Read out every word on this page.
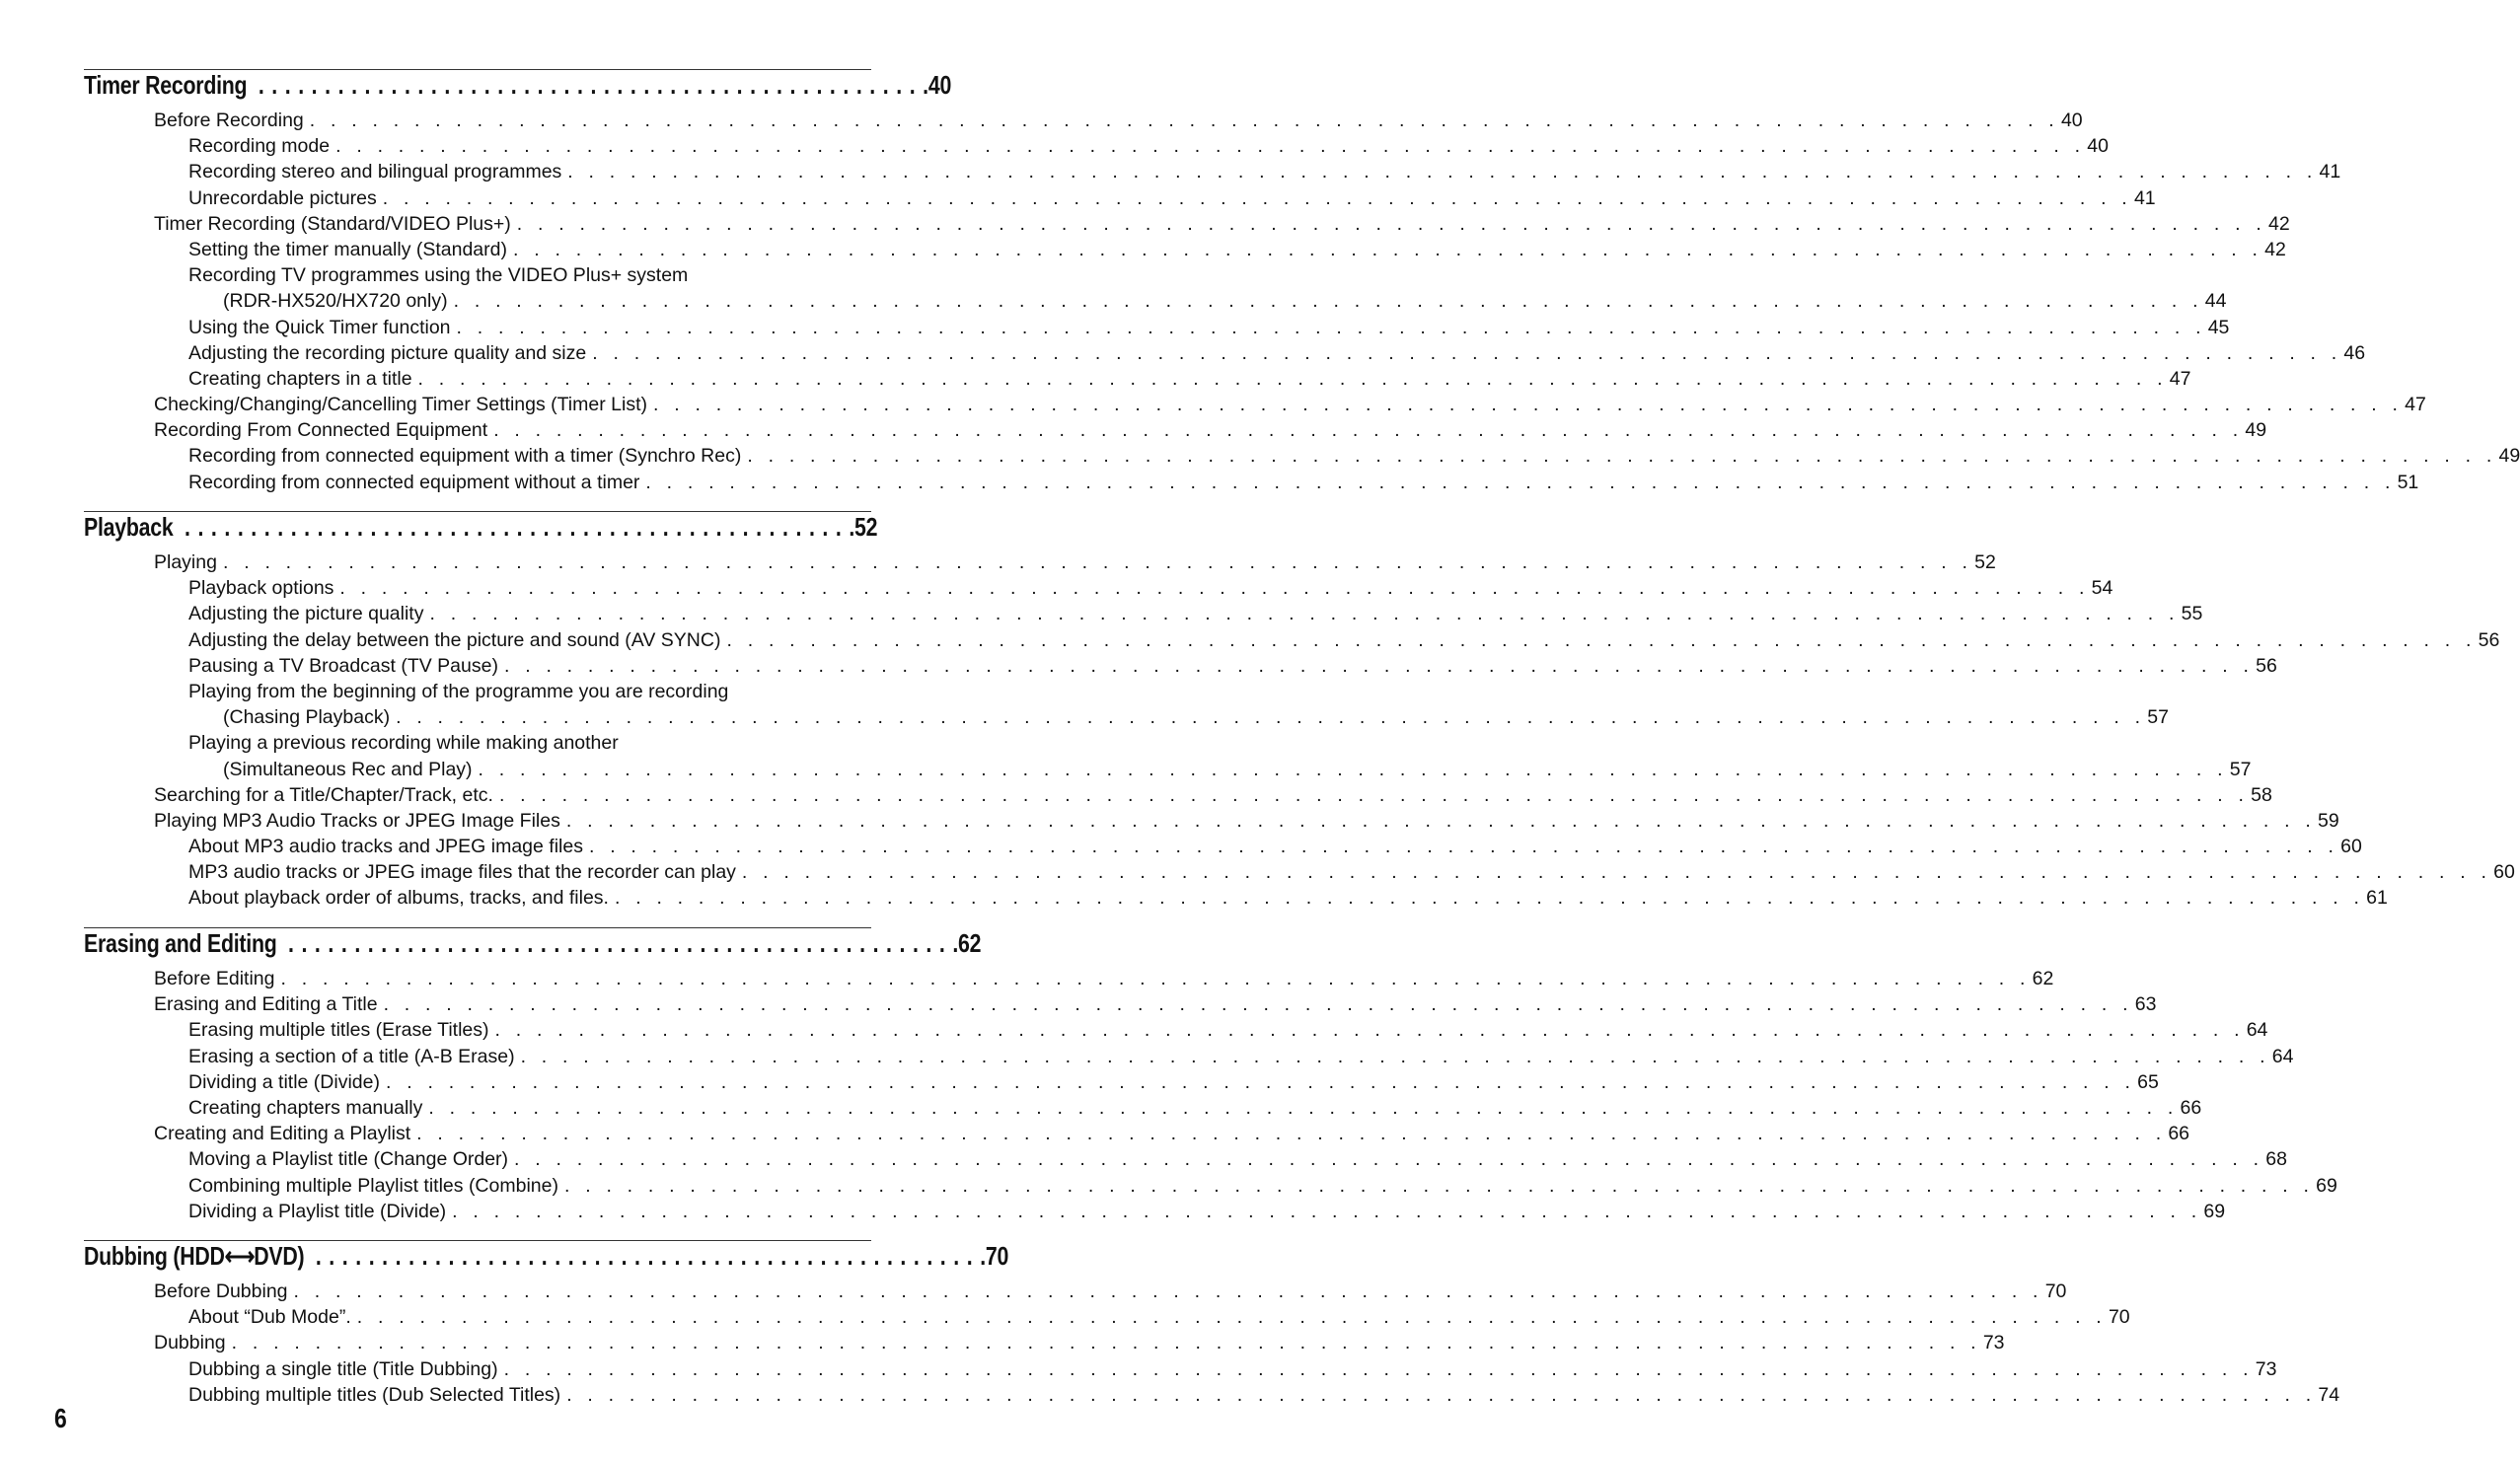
Timer Recording .................................................. .40
Before Recording . . . . . . . . . . . . . . . . . . . . . . . . . . . . . . . . . . . . . . . . . . . . . . . . . . . . . . . . . . . . . . . . . . . . . . . . . . . . . . . . . . . . 40
Recording mode . . . . . . . . . . . . . . . . . . . . . . . . . . . . . . . . . . . . . . . . . . . . . . . . . . . . . . . . . . . . . . . . . . . . . . . . . . . . . . . . . . . . 40
Recording stereo and bilingual programmes . . . . . . . . . . . . . . . . . . . . . . . . . . . . . . . . . . . . . . . . . . . . . . . . . . . . . . . . . . . . . . . . . . . . . . . . . . . . . . . . . . . . 41
Unrecordable pictures . . . . . . . . . . . . . . . . . . . . . . . . . . . . . . . . . . . . . . . . . . . . . . . . . . . . . . . . . . . . . . . . . . . . . . . . . . . . . . . . . . . . 41
Timer Recording (Standard/VIDEO Plus+) . . . . . . . . . . . . . . . . . . . . . . . . . . . . . . . . . . . . . . . . . . . . . . . . . . . . . . . . . . . . . . . . . . . . . . . . . . . . . . . . . . . . 42
Setting the timer manually (Standard) . . . . . . . . . . . . . . . . . . . . . . . . . . . . . . . . . . . . . . . . . . . . . . . . . . . . . . . . . . . . . . . . . . . . . . . . . . . . . . . . . . . . 42
Recording TV programmes using the VIDEO Plus+ system
(RDR-HX520/HX720 only) . . . . . . . . . . . . . . . . . . . . . . . . . . . . . . . . . . . . . . . . . . . . . . . . . . . . . . . . . . . . . . . . . . . . . . . . . . . . . . . . . . . . 44
Using the Quick Timer function . . . . . . . . . . . . . . . . . . . . . . . . . . . . . . . . . . . . . . . . . . . . . . . . . . . . . . . . . . . . . . . . . . . . . . . . . . . . . . . . . . . . 45
Adjusting the recording picture quality and size . . . . . . . . . . . . . . . . . . . . . . . . . . . . . . . . . . . . . . . . . . . . . . . . . . . . . . . . . . . . . . . . . . . . . . . . . . . . . . . . . . . . 46
Creating chapters in a title . . . . . . . . . . . . . . . . . . . . . . . . . . . . . . . . . . . . . . . . . . . . . . . . . . . . . . . . . . . . . . . . . . . . . . . . . . . . . . . . . . . . 47
Checking/Changing/Cancelling Timer Settings (Timer List) . . . . . . . . . . . . . . . . . . . . . . . . . . . . . . . . . . . . . . . . . . . . . . . . . . . . . . . . . . . . . . . . . . . . . . . . . . . . . . . . . . . . 47
Recording From Connected Equipment . . . . . . . . . . . . . . . . . . . . . . . . . . . . . . . . . . . . . . . . . . . . . . . . . . . . . . . . . . . . . . . . . . . . . . . . . . . . . . . . . . . . 49
Recording from connected equipment with a timer (Synchro Rec) . . . . . . . . . . . . . . . . . . . . . . . . . . . . . . . . . . . . . . . . . . . . . . . . . . . . . . . . . . . . . . . . . . . . . . . . . . . . . . . . . . . . 49
Recording from connected equipment without a timer . . . . . . . . . . . . . . . . . . . . . . . . . . . . . . . . . . . . . . . . . . . . . . . . . . . . . . . . . . . . . . . . . . . . . . . . . . . . . . . . . . . . 51
Playback .................................................. .52
Playing . . . . . . . . . . . . . . . . . . . . . . . . . . . . . . . . . . . . . . . . . . . . . . . . . . . . . . . . . . . . . . . . . . . . . . . . . . . . . . . . . . . . 52
Playback options . . . . . . . . . . . . . . . . . . . . . . . . . . . . . . . . . . . . . . . . . . . . . . . . . . . . . . . . . . . . . . . . . . . . . . . . . . . . . . . . . . . . 54
Adjusting the picture quality . . . . . . . . . . . . . . . . . . . . . . . . . . . . . . . . . . . . . . . . . . . . . . . . . . . . . . . . . . . . . . . . . . . . . . . . . . . . . . . . . . . . 55
Adjusting the delay between the picture and sound (AV SYNC) . . . . . . . . . . . . . . . . . . . . . . . . . . . . . . . . . . . . . . . . . . . . . . . . . . . . . . . . . . . . . . . . . . . . . . . . . . . . . . . . . . . . 56
Pausing a TV Broadcast (TV Pause) . . . . . . . . . . . . . . . . . . . . . . . . . . . . . . . . . . . . . . . . . . . . . . . . . . . . . . . . . . . . . . . . . . . . . . . . . . . . . . . . . . . . 56
Playing from the beginning of the programme you are recording
(Chasing Playback) . . . . . . . . . . . . . . . . . . . . . . . . . . . . . . . . . . . . . . . . . . . . . . . . . . . . . . . . . . . . . . . . . . . . . . . . . . . . . . . . . . . . 57
Playing a previous recording while making another
(Simultaneous Rec and Play) . . . . . . . . . . . . . . . . . . . . . . . . . . . . . . . . . . . . . . . . . . . . . . . . . . . . . . . . . . . . . . . . . . . . . . . . . . . . . . . . . . . . 57
Searching for a Title/Chapter/Track, etc. . . . . . . . . . . . . . . . . . . . . . . . . . . . . . . . . . . . . . . . . . . . . . . . . . . . . . . . . . . . . . . . . . . . . . . . . . . . . . . . . . . . . 58
Playing MP3 Audio Tracks or JPEG Image Files . . . . . . . . . . . . . . . . . . . . . . . . . . . . . . . . . . . . . . . . . . . . . . . . . . . . . . . . . . . . . . . . . . . . . . . . . . . . . . . . . . . . 59
About MP3 audio tracks and JPEG image files . . . . . . . . . . . . . . . . . . . . . . . . . . . . . . . . . . . . . . . . . . . . . . . . . . . . . . . . . . . . . . . . . . . . . . . . . . . . . . . . . . . . 60
MP3 audio tracks or JPEG image files that the recorder can play . . . . . . . . . . . . . . . . . . . . . . . . . . . . . . . . . . . . . . . . . . . . . . . . . . . . . . . . . . . . . . . . . . . . . . . . . . . . . . . . . . . . 60
About playback order of albums, tracks, and files. . . . . . . . . . . . . . . . . . . . . . . . . . . . . . . . . . . . . . . . . . . . . . . . . . . . . . . . . . . . . . . . . . . . . . . . . . . . . . . . . . . . . 61
Erasing and Editing .................................................. .62
Before Editing . . . . . . . . . . . . . . . . . . . . . . . . . . . . . . . . . . . . . . . . . . . . . . . . . . . . . . . . . . . . . . . . . . . . . . . . . . . . . . . . . . . . 62
Erasing and Editing a Title . . . . . . . . . . . . . . . . . . . . . . . . . . . . . . . . . . . . . . . . . . . . . . . . . . . . . . . . . . . . . . . . . . . . . . . . . . . . . . . . . . . . 63
Erasing multiple titles (Erase Titles) . . . . . . . . . . . . . . . . . . . . . . . . . . . . . . . . . . . . . . . . . . . . . . . . . . . . . . . . . . . . . . . . . . . . . . . . . . . . . . . . . . . . 64
Erasing a section of a title (A-B Erase) . . . . . . . . . . . . . . . . . . . . . . . . . . . . . . . . . . . . . . . . . . . . . . . . . . . . . . . . . . . . . . . . . . . . . . . . . . . . . . . . . . . . 64
Dividing a title (Divide) . . . . . . . . . . . . . . . . . . . . . . . . . . . . . . . . . . . . . . . . . . . . . . . . . . . . . . . . . . . . . . . . . . . . . . . . . . . . . . . . . . . . 65
Creating chapters manually . . . . . . . . . . . . . . . . . . . . . . . . . . . . . . . . . . . . . . . . . . . . . . . . . . . . . . . . . . . . . . . . . . . . . . . . . . . . . . . . . . . . 66
Creating and Editing a Playlist . . . . . . . . . . . . . . . . . . . . . . . . . . . . . . . . . . . . . . . . . . . . . . . . . . . . . . . . . . . . . . . . . . . . . . . . . . . . . . . . . . . . 66
Moving a Playlist title (Change Order) . . . . . . . . . . . . . . . . . . . . . . . . . . . . . . . . . . . . . . . . . . . . . . . . . . . . . . . . . . . . . . . . . . . . . . . . . . . . . . . . . . . . 68
Combining multiple Playlist titles (Combine) . . . . . . . . . . . . . . . . . . . . . . . . . . . . . . . . . . . . . . . . . . . . . . . . . . . . . . . . . . . . . . . . . . . . . . . . . . . . . . . . . . . . 69
Dividing a Playlist title (Divide) . . . . . . . . . . . . . . . . . . . . . . . . . . . . . . . . . . . . . . . . . . . . . . . . . . . . . . . . . . . . . . . . . . . . . . . . . . . . . . . . . . . . 69
Dubbing (HDD⟷DVD) .................................................. .70
Before Dubbing . . . . . . . . . . . . . . . . . . . . . . . . . . . . . . . . . . . . . . . . . . . . . . . . . . . . . . . . . . . . . . . . . . . . . . . . . . . . . . . . . . . . 70
About “Dub Mode”. . . . . . . . . . . . . . . . . . . . . . . . . . . . . . . . . . . . . . . . . . . . . . . . . . . . . . . . . . . . . . . . . . . . . . . . . . . . . . . . . . . . . 70
Dubbing . . . . . . . . . . . . . . . . . . . . . . . . . . . . . . . . . . . . . . . . . . . . . . . . . . . . . . . . . . . . . . . . . . . . . . . . . . . . . . . . . . . . 73
Dubbing a single title (Title Dubbing) . . . . . . . . . . . . . . . . . . . . . . . . . . . . . . . . . . . . . . . . . . . . . . . . . . . . . . . . . . . . . . . . . . . . . . . . . . . . . . . . . . . . 73
Dubbing multiple titles (Dub Selected Titles) . . . . . . . . . . . . . . . . . . . . . . . . . . . . . . . . . . . . . . . . . . . . . . . . . . . . . . . . . . . . . . . . . . . . . . . . . . . . . . . . . . . . 74
6
